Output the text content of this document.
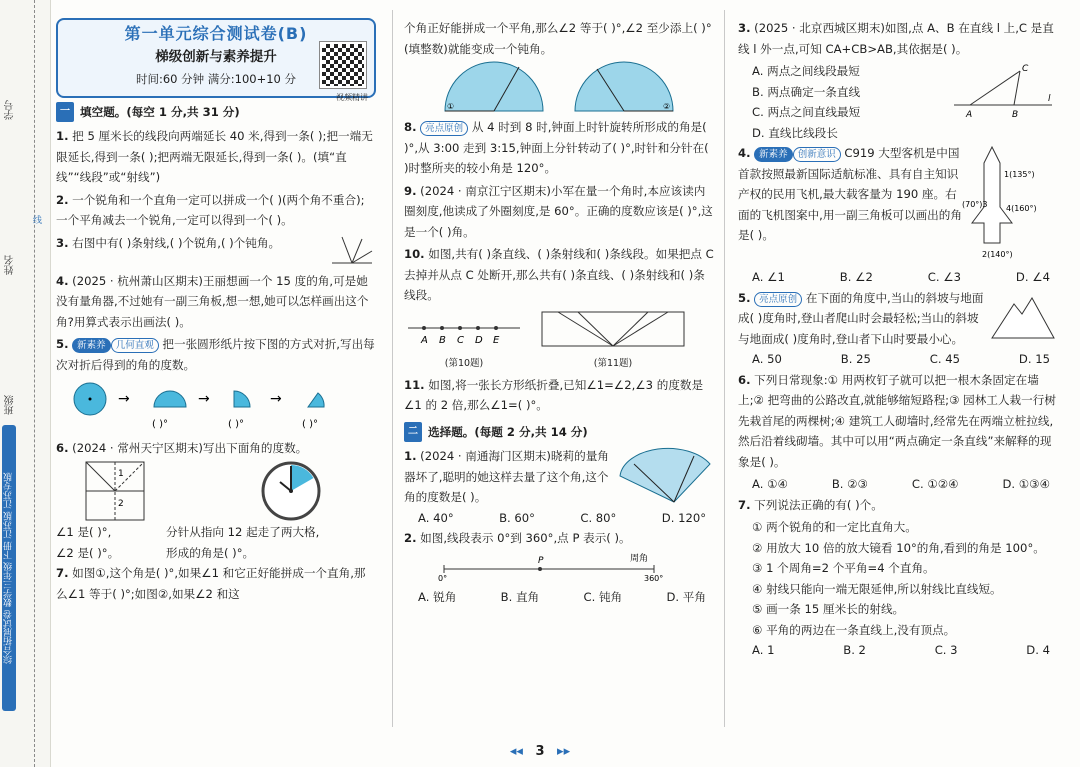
学号
姓名
班级
线
综合拓展试卷 数学三年级 下册 江苏版 江苏专版
第一单元综合测试卷(B)
梯级创新与素养提升
时间:60 分钟 满分:100+10 分
视频精讲
一 填空题。(每空 1 分,共 31 分)
1. 把 5 厘米长的线段向两端延长 40 米,得到一条( );把一端无限延长,得到一条( );把两端无限延长,得到一条( )。(填“直线”“线段”或“射线”)
2. 一个锐角和一个直角一定可以拼成一个( )(两个角不重合);一个平角减去一个锐角,一定可以得到一个( )。
3. 右图中有( )条射线,( )个锐角,( )个钝角。
4. (2025 · 杭州萧山区期末)王丽想画一个 15 度的角,可是她没有量角器,不过她有一副三角板,想一想,她可以怎样画出这个角?用算式表示出画法( )。
5. 新素养 几何直观 把一张圆形纸片按下图的方式对折,写出每次对折后得到的角的度数。
→	→	→
( )°	( )°	( )°
6. (2024 · 常州天宁区期末)写出下面角的度数。
1
2
∠1 是( )°,
∠2 是( )°。
分针从指向 12 起走了两大格,
形成的角是( )°。
7. 如图①,这个角是( )°,如果∠1 和它正好能拼成一个直角,那么∠1 等于( )°;如图②,如果∠2 和这
个角正好能拼成一个平角,那么∠2 等于( )°,∠2 至少添上( )°(填整数)就能变成一个钝角。
①	②
8. 亮点原创 从 4 时到 8 时,钟面上时针旋转所形成的角是( )°,从 3:00 走到 3:15,钟面上分针转动了( )°,时针和分针在( )时整所夹的较小角是 120°。
9. (2024 · 南京江宁区期末)小军在量一个角时,本应该读内圈刻度,他读成了外圈刻度,是 60°。正确的度数应该是( )°,这是一个( )角。
10. 如图,共有( )条直线、( )条射线和( )条线段。如果把点 C 去掉并从点 C 处断开,那么共有( )条直线、( )条射线和( )条线段。
A B C D E
(第10题)	(第11题)
11. 如图,将一张长方形纸折叠,已知∠1=∠2,∠3 的度数是∠1 的 2 倍,那么∠1=( )°。
二 选择题。(每题 2 分,共 14 分)
1. (2024 · 南通海门区期末)晓莉的量角器坏了,聪明的她这样去量了这个角,这个角的度数是( )。
A. 40°	B. 60°	C. 80°	D. 120°
2. 如图,线段表示 0°到 360°,点 P 表示( )。
P	周角
0°	360°
A. 锐角	B. 直角	C. 钝角	D. 平角
3. (2025 · 北京西城区期末)如图,点 A、B 在直线 l 上,C 是直线 l 外一点,可知 CA+CB>AB,其依据是( )。
A. 两点之间线段最短
B. 两点确定一条直线
C. 两点之间直线最短
D. 直线比线段长
C
A	B
l
4. 新素养 创新意识 C919 大型客机是中国首款按照最新国际适航标准、具有自主知识产权的民用飞机,最大载客量为 190 座。右面的飞机图案中,用一副三角板可以画出的角是( )。
1(135°)
(70°)3 4(160°)
2(140°)
A. ∠1	B. ∠2	C. ∠3	D. ∠4
5. 亮点原创 在下面的角度中,当山的斜坡与地面成( )度角时,登山者爬山时会最轻松;当山的斜坡与地面成( )度角时,登山者下山时要最小心。
A. 50	B. 25	C. 45	D. 15
6. 下列日常现象:① 用两枚钉子就可以把一根木条固定在墙上;② 把弯曲的公路改直,就能够缩短路程;③ 园林工人栽一行树先栽首尾的两棵树;④ 建筑工人砌墙时,经常先在两端立桩拉线,然后沿着线砌墙。其中可以用“两点确定一条直线”来解释的现象是( )。
A. ①④	B. ②③	C. ①②④	D. ①③④
7. 下列说法正确的有( )个。
① 两个锐角的和一定比直角大。
② 用放大 10 倍的放大镜看 10°的角,看到的角是 100°。
③ 1 个周角=2 个平角=4 个直角。
④ 射线只能向一端无限延伸,所以射线比直线短。
⑤ 画一条 15 厘米长的射线。
⑥ 平角的两边在一条直线上,没有顶点。
A. 1	B. 2	C. 3	D. 4
◂◂ 3 ▸▸
